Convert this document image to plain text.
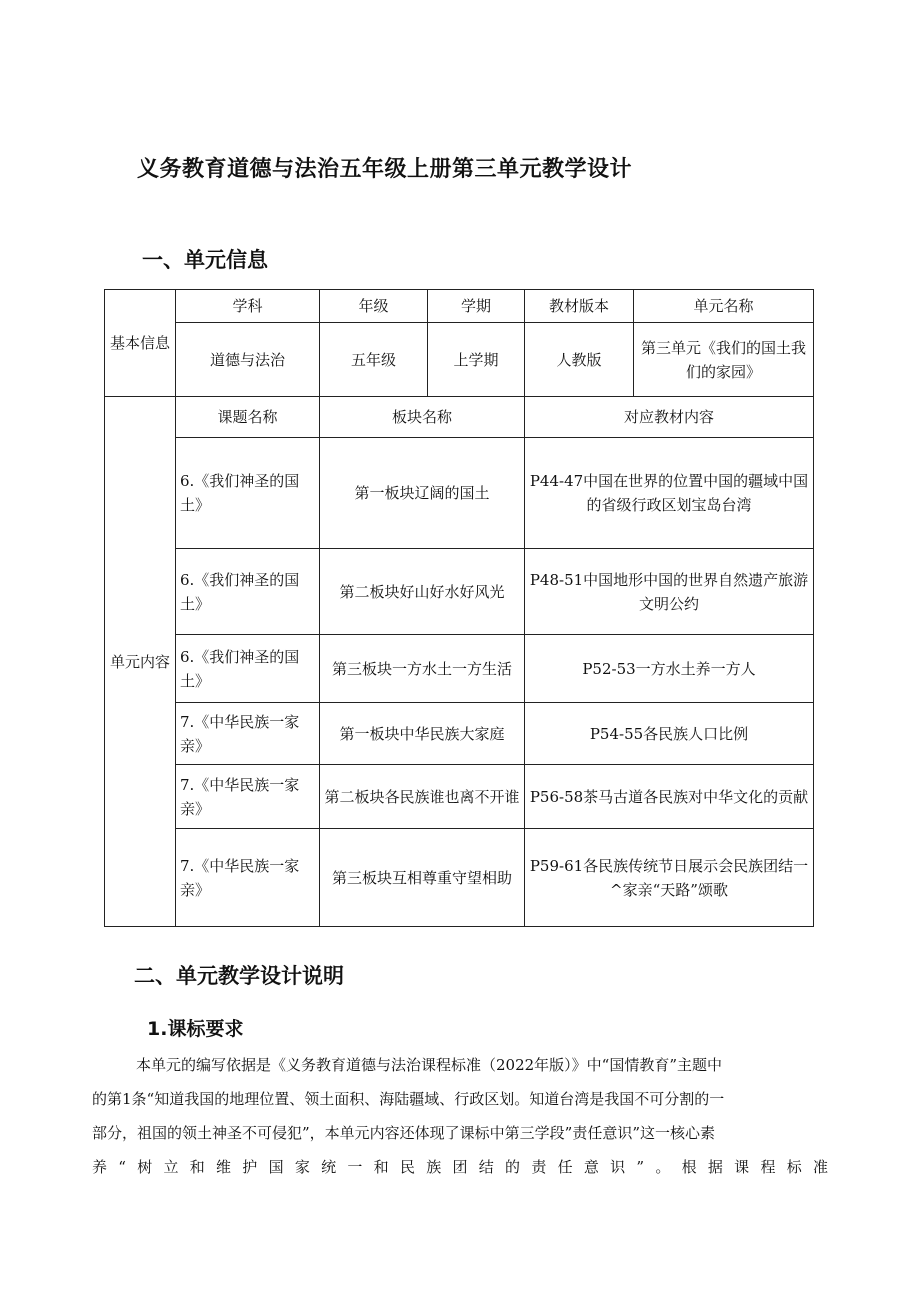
义务教育道德与法治五年级上册第三单元教学设计
一、单元信息
基本信息	学科	年级	学期	教材版本	单元名称
	道德与法治	五年级	上学期	人教版	第三单元《我们的国土我们的家园》
单元内容	课题名称	板块名称		对应教材内容	
	6.《我们神圣的国土》	第一板块辽阔的国土		P44-47中国在世界的位置中国的疆域中国的省级行政区划宝岛台湾	
	6.《我们神圣的国土》	第二板块好山好水好风光		P48-51中国地形中国的世界自然遗产旅游文明公约	
	6.《我们神圣的国土》	第三板块一方水土一方生活		P52-53一方水土养一方人	
	7.《中华民族一家亲》	第一板块中华民族大家庭		P54-55各民族人口比例	
	7.《中华民族一家亲》	第二板块各民族谁也离不开谁		P56-58茶马古道各民族对中华文化的贡献	
	7.《中华民族一家亲》	第三板块互相尊重守望相助		P59-61各民族传统节日展示会民族团结一^家亲“天路”颂歌	
二、单元教学设计说明
1.课标要求

本单元的编写依据是《义务教育道德与法治课程标准（2022年版）》中“国情教育”主题中

的第1条“知道我国的地理位置、领土面积、海陆疆域、行政区划。知道台湾是我国不可分割的一

部分，祖国的领土神圣不可侵犯”，本单元内容还体现了课标中第三学段”责任意识”这一核心素

养“树立和维护国家统一和民族团结的责任意识”。根据课程标准
